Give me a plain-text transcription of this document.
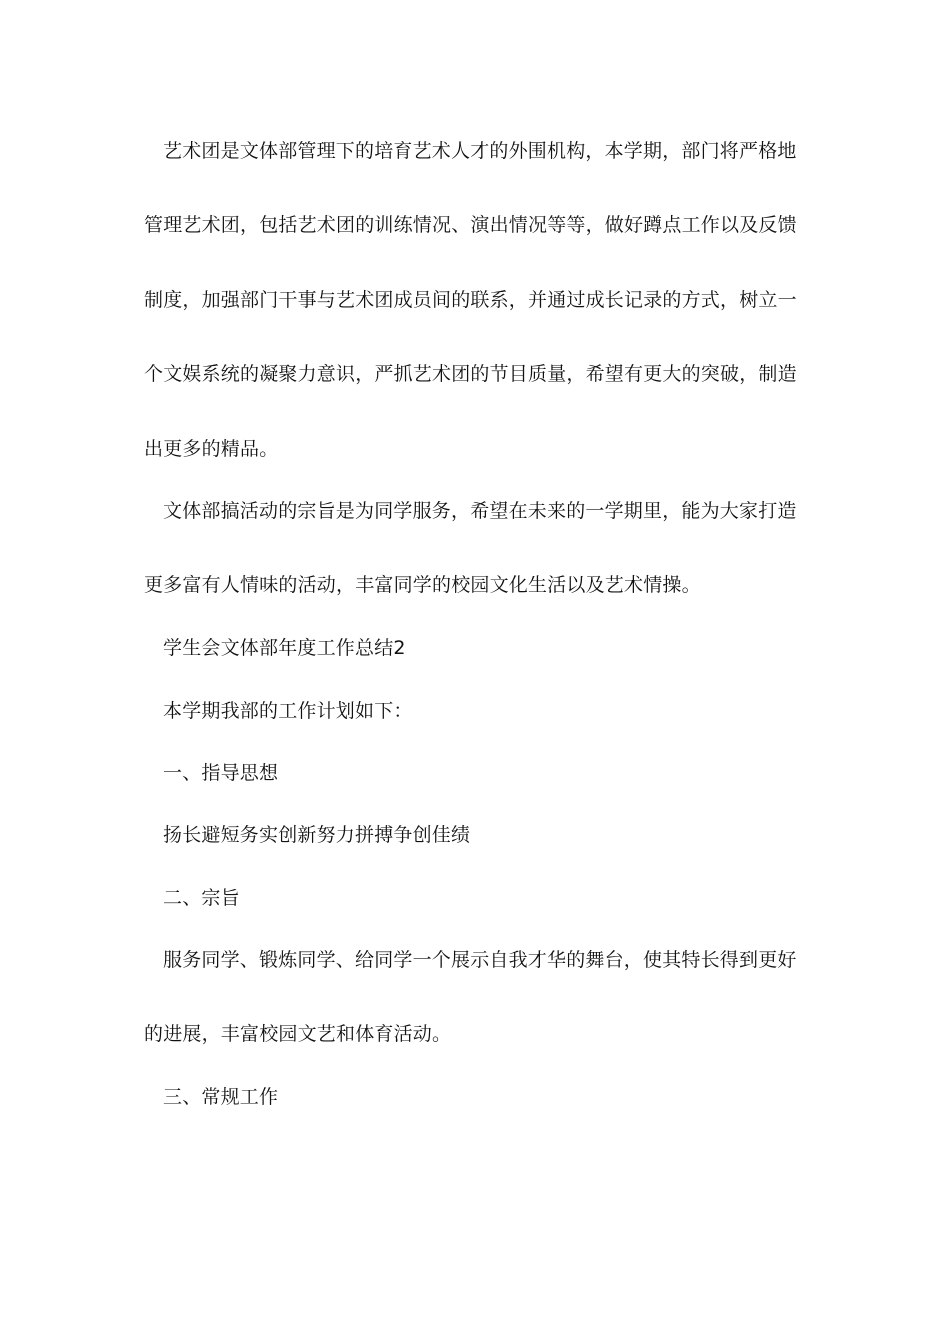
艺术团是文体部管理下的培育艺术人才的外围机构，本学期，部门将严格地
管理艺术团，包括艺术团的训练情况、演出情况等等，做好蹲点工作以及反馈
制度，加强部门干事与艺术团成员间的联系，并通过成长记录的方式，树立一
个文娱系统的凝聚力意识，严抓艺术团的节目质量，希望有更大的突破，制造
出更多的精品。
文体部搞活动的宗旨是为同学服务，希望在未来的一学期里，能为大家打造
更多富有人情味的活动，丰富同学的校园文化生活以及艺术情操。
学生会文体部年度工作总结2
本学期我部的工作计划如下：
一、指导思想
扬长避短务实创新努力拼搏争创佳绩
二、宗旨
服务同学、锻炼同学、给同学一个展示自我才华的舞台，使其特长得到更好
的进展，丰富校园文艺和体育活动。
三、常规工作
